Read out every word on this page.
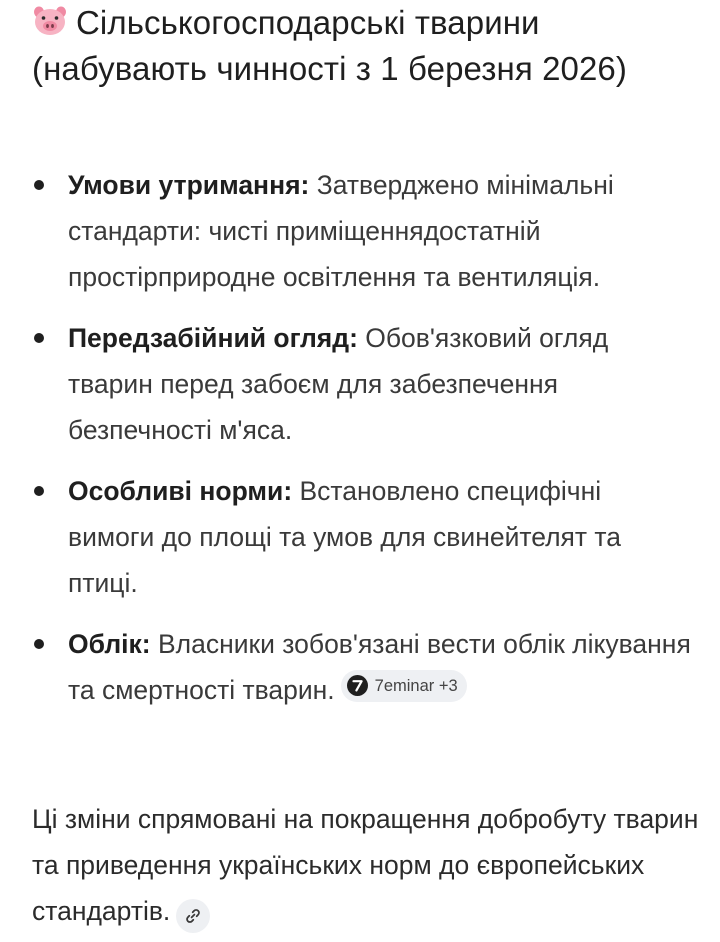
Сільськогосподарські тварини (набувають чинності з 1 березня 2026)
Умови утримання: Затверджено мінімальні стандарти: чисті приміщеннядостатній простірприродне освітлення та вентиляція.
Передзабійний огляд: Обов'язковий огляд тварин перед забоєм для забезпечення безпечності м'яса.
Особливі норми: Встановлено специфічні вимоги до площі та умов для свинейтелят та птиці.
Облік: Власники зобов'язані вести облік лікування та смертності тварин. 7eminar
+3

Ці зміни спрямовані на покращення добробуту тварин та приведення українських норм до європейських стандартів.
